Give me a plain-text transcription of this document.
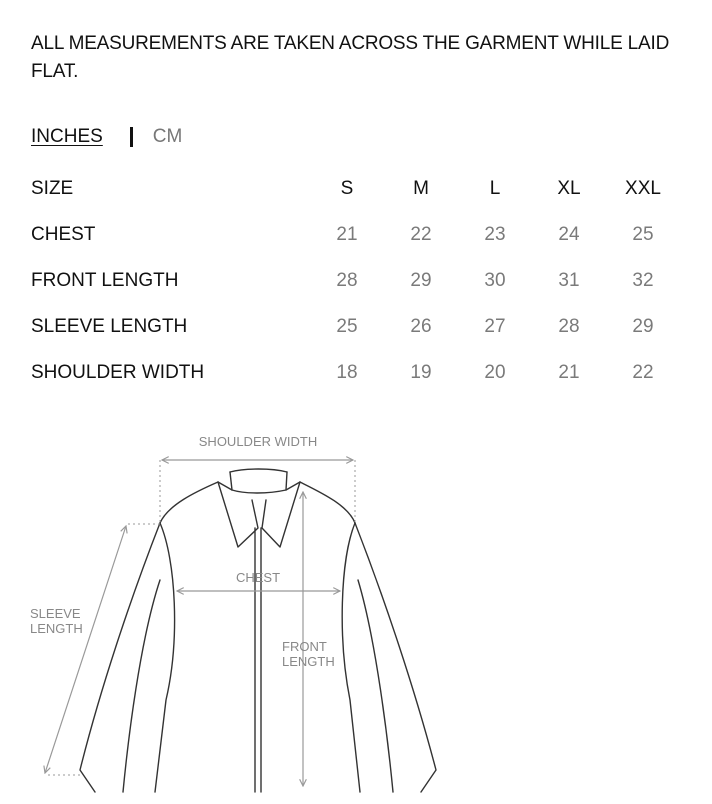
ALL MEASUREMENTS ARE TAKEN ACROSS THE GARMENT WHILE LAID FLAT.

INCHES	CM
SIZE	S	M	L	XL	XXL
CHEST	21	22	23	24	25
FRONT LENGTH	28	29	30	31	32
SLEEVE LENGTH	25	26	27	28	29
SHOULDER WIDTH	18	19	20	21	22
SHOULDER WIDTH
CHEST
SLEEVE
LENGTH
FRONT
LENGTH
